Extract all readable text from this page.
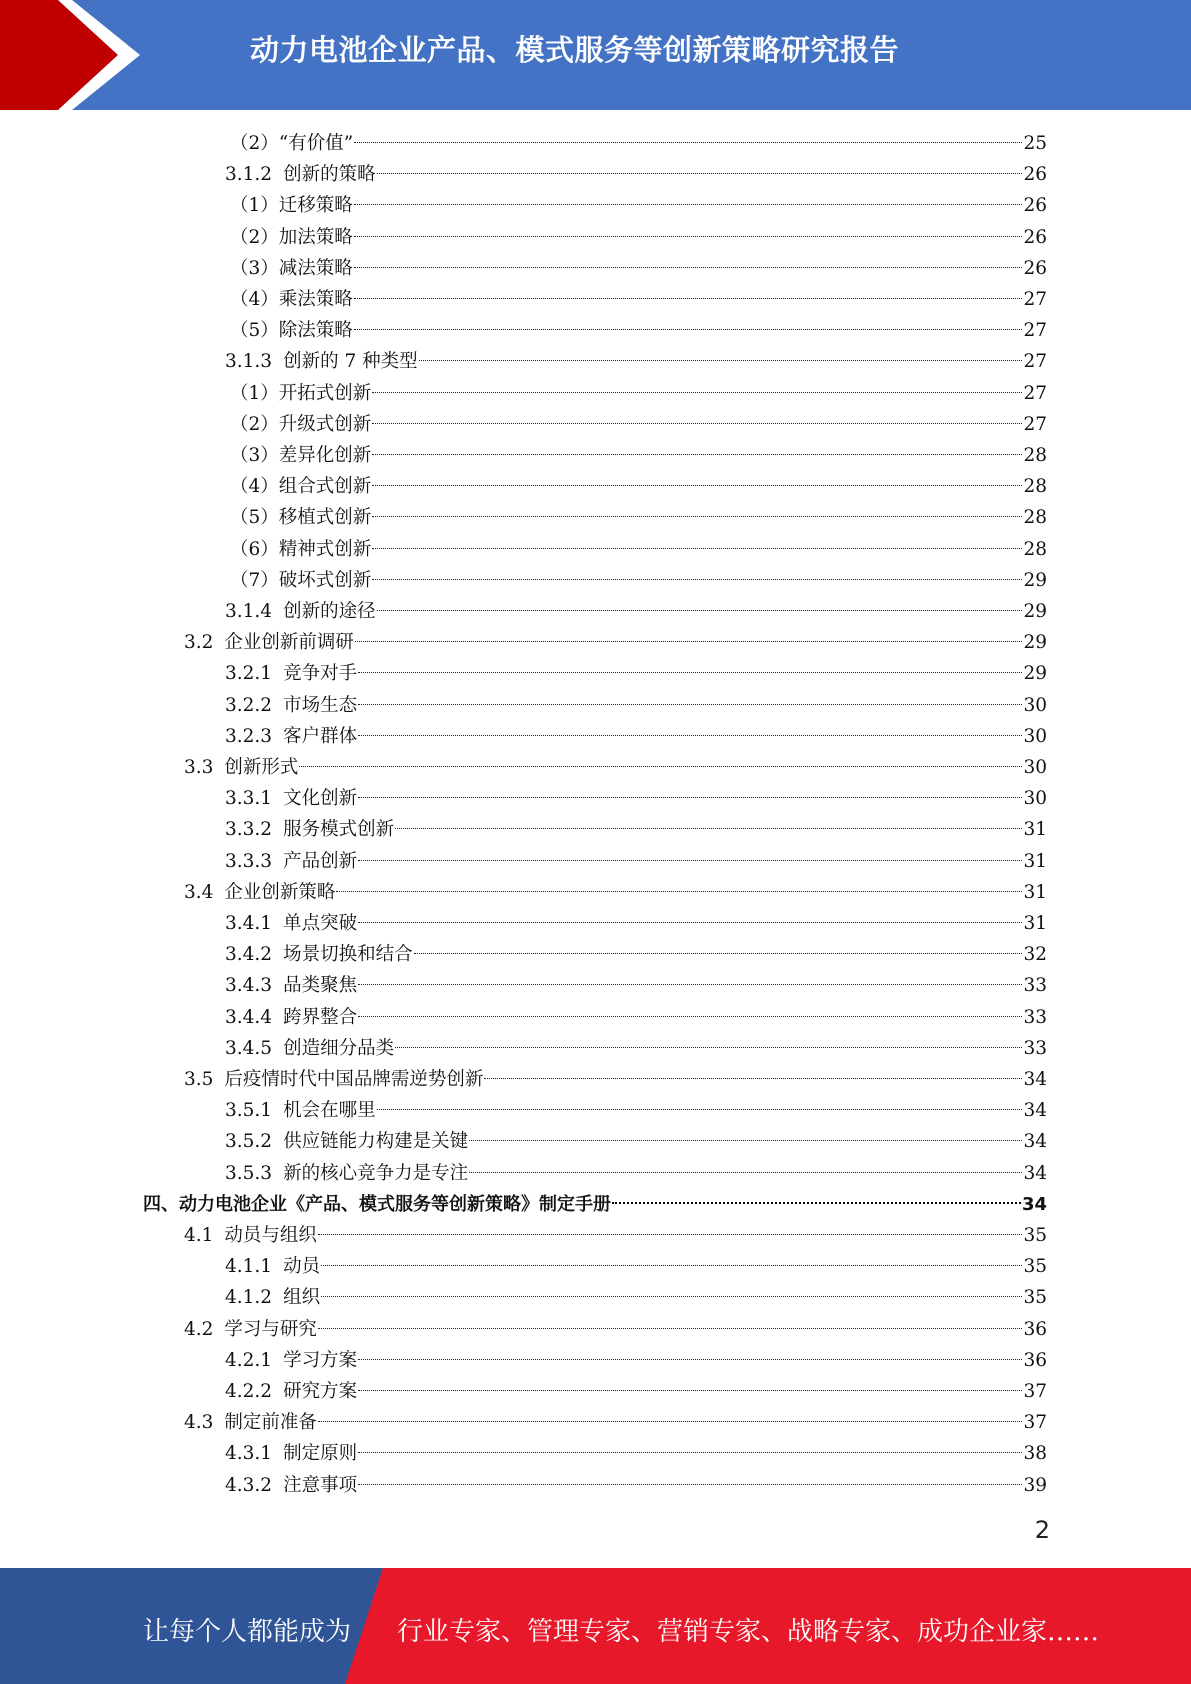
动力电池企业产品、模式服务等创新策略研究报告
（2）“有价值”	25
3.1.2 创新的策略	26
（1）迁移策略	26
（2）加法策略	26
（3）减法策略	26
（4）乘法策略	27
（5）除法策略	27
3.1.3 创新的 7 种类型	27
（1）开拓式创新	27
（2）升级式创新	27
（3）差异化创新	28
（4）组合式创新	28
（5）移植式创新	28
（6）精神式创新	28
（7）破坏式创新	29
3.1.4 创新的途径	29
3.2 企业创新前调研	29
3.2.1 竞争对手	29
3.2.2 市场生态	30
3.2.3 客户群体	30
3.3 创新形式	30
3.3.1 文化创新	30
3.3.2 服务模式创新	31
3.3.3 产品创新	31
3.4 企业创新策略	31
3.4.1 单点突破	31
3.4.2 场景切换和结合	32
3.4.3 品类聚焦	33
3.4.4 跨界整合	33
3.4.5 创造细分品类	33
3.5 后疫情时代中国品牌需逆势创新	34
3.5.1 机会在哪里	34
3.5.2 供应链能力构建是关键	34
3.5.3 新的核心竞争力是专注	34
四、动力电池企业《产品、模式服务等创新策略》制定手册	34
4.1 动员与组织	35
4.1.1 动员	35
4.1.2 组织	35
4.2 学习与研究	36
4.2.1 学习方案	36
4.2.2 研究方案	37
4.3 制定前准备	37
4.3.1 制定原则	38
4.3.2 注意事项	39
2
让每个人都能成为 行业专家、管理专家、营销专家、战略专家、成功企业家……
